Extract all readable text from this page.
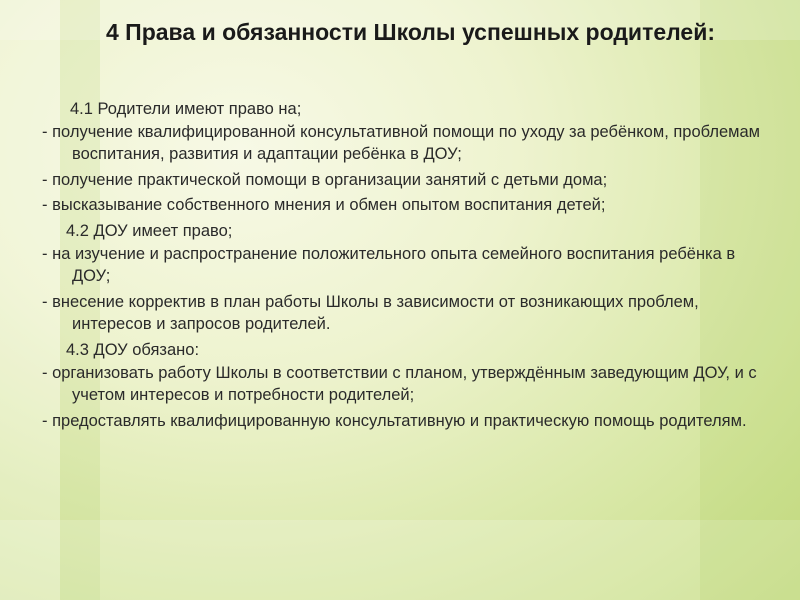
4 Права и обязанности Школы успешных родителей:
4.1 Родители имеют право на;
- получение квалифицированной консультативной помощи по уходу за ребёнком, проблемам воспитания, развития и адаптации ребёнка в ДОУ;
- получение практической помощи в организации занятий с детьми дома;
- высказывание собственного мнения и обмен опытом воспитания детей;
4.2 ДОУ имеет право;
- на изучение и распространение положительного опыта семейного воспитания ребёнка в ДОУ;
- внесение корректив в план работы Школы в зависимости от возникающих проблем, интересов и запросов родителей.
4.3 ДОУ обязано:
- организовать работу Школы в соответствии с планом, утверждённым заведующим ДОУ, и с учетом интересов и потребности родителей;
- предоставлять квалифицированную консультативную и практическую помощь родителям.
